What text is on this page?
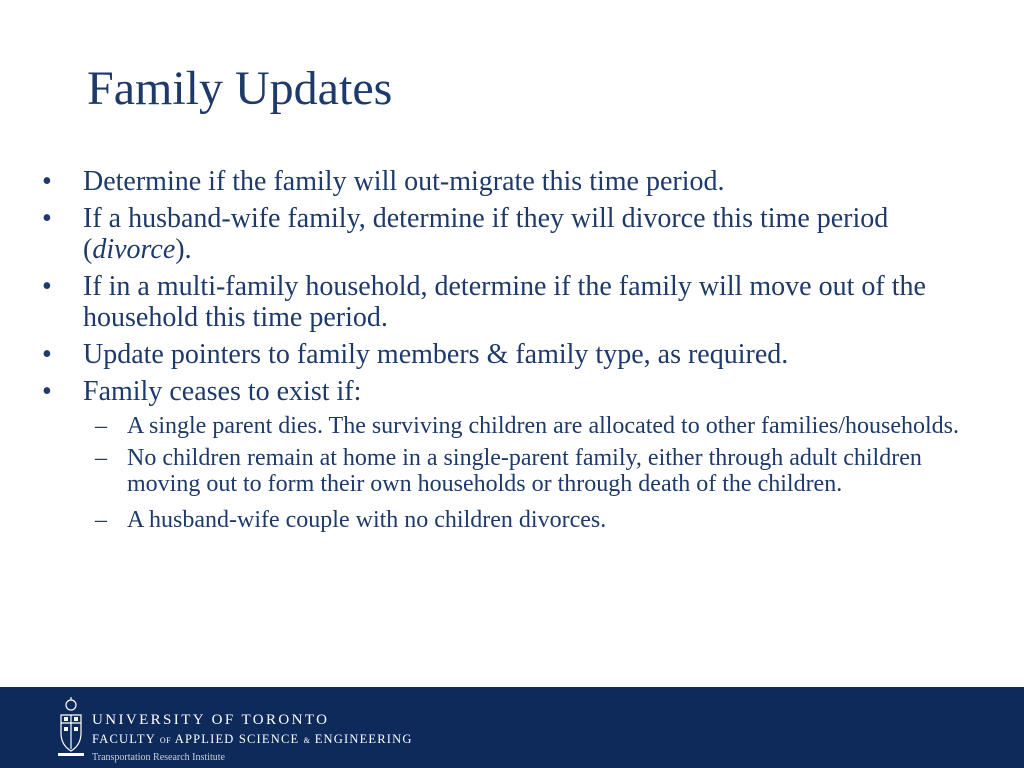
Family Updates
• Determine if the family will out-migrate this time period.
• If a husband-wife family, determine if they will divorce this time period (divorce).
• If in a multi-family household, determine if the family will move out of the household this time period.
• Update pointers to family members & family type, as required.
• Family ceases to exist if:
– A single parent dies. The surviving children are allocated to other families/households.
– No children remain at home in a single-parent family, either through adult children moving out to form their own households or through death of the children.
– A husband-wife couple with no children divorces.
UNIVERSITY OF TORONTO
FACULTY OF APPLIED SCIENCE & ENGINEERING
Transportation Research Institute
